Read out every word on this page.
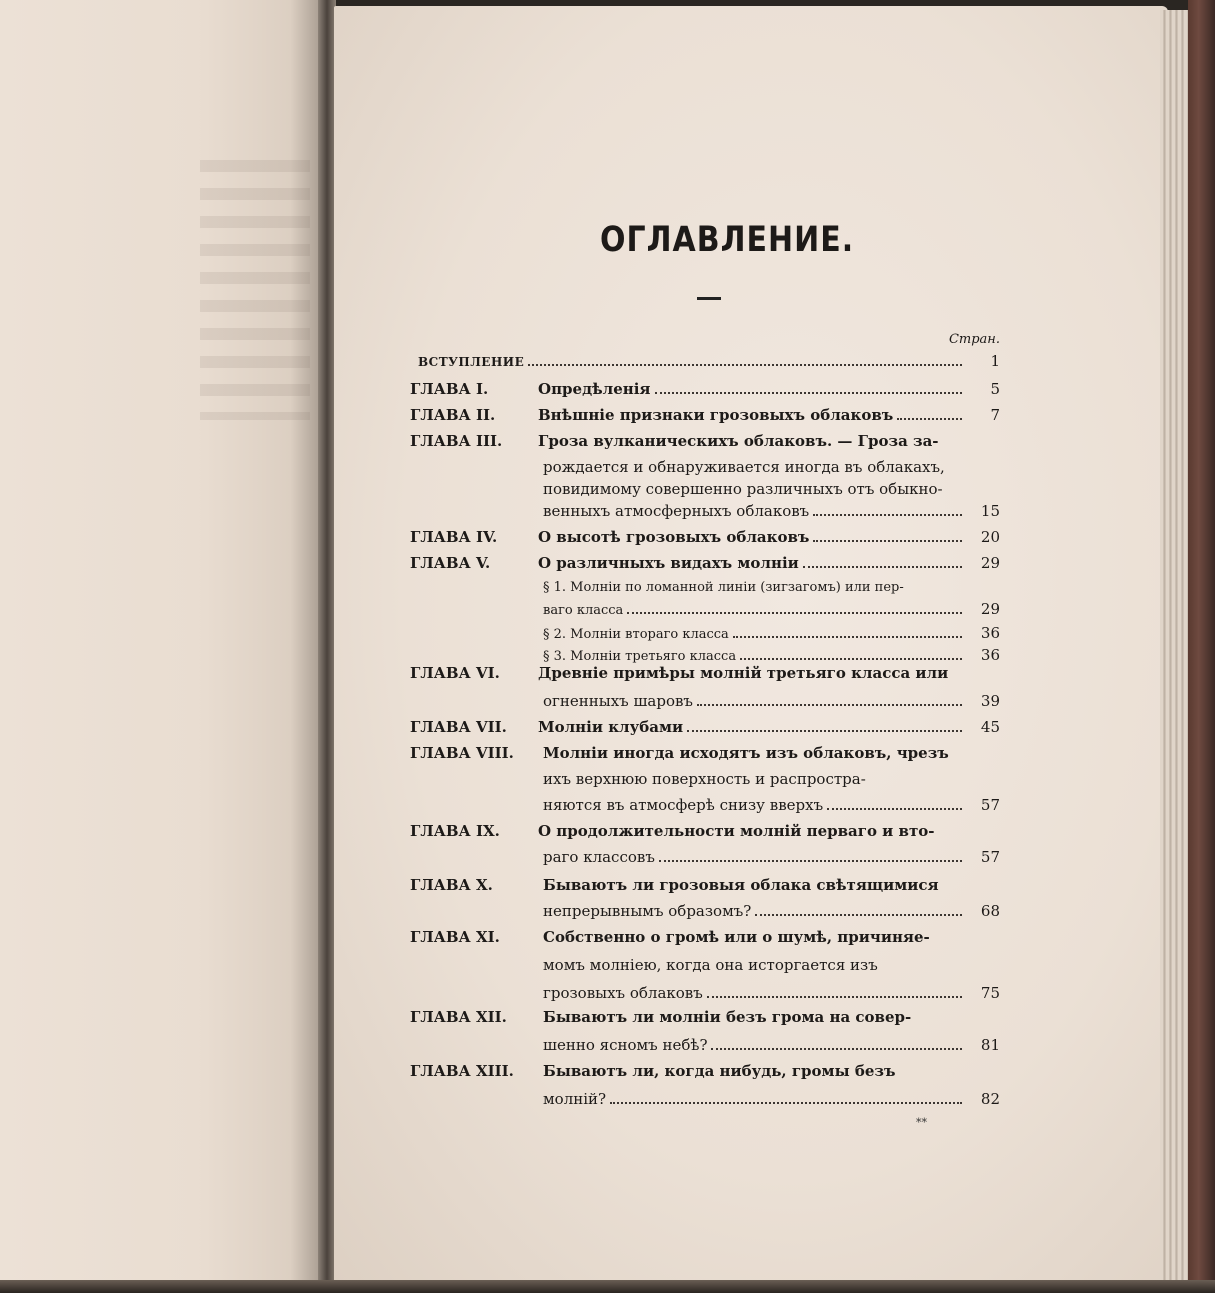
ОГЛАВЛЕНИЕ.
Стран.
ВСТУПЛЕНИЕ	1
ГЛАВА I.	Опредѣленія	5
ГЛАВА II.	Внѣшніе признаки грозовыхъ облаковъ	7
ГЛАВА III.	Гроза вулканическихъ облаковъ. — Гроза за-
рождается и обнаруживается иногда въ облакахъ,
повидимому совершенно различныхъ отъ обыкно-
венныхъ атмосферныхъ облаковъ	15
ГЛАВА IV.	О высотѣ грозовыхъ облаковъ	20
ГЛАВА V.	О различныхъ видахъ молніи	29
§ 1. Молніи по ломанной линіи (зигзагомъ) или пер-
ваго класса	29
§ 2. Молніи втораго класса	36
§ 3. Молніи третьяго класса	36
ГЛАВА VI.	Древніе примѣры молній третьяго класса или
огненныхъ шаровъ	39
ГЛАВА VII.	Молніи клубами	45
ГЛАВА VIII.	Молніи иногда исходятъ изъ облаковъ, чрезъ
ихъ верхнюю поверхность и распростра-
няются въ атмосферѣ снизу вверхъ	57
ГЛАВА IX.	О продолжительности молній перваго и вто-
раго классовъ	57
ГЛАВА X.	Бываютъ ли грозовыя облака свѣтящимися
непрерывнымъ образомъ?	68
ГЛАВА XI.	Собственно о громѣ или о шумѣ, причиняе-
момъ молніею, когда она исторгается изъ
грозовыхъ облаковъ	75
ГЛАВА XII.	Бываютъ ли молніи безъ грома на совер-
шенно ясномъ небѣ?	81
ГЛАВА XIII.	Бываютъ ли, когда нибудь, громы безъ
молній?	82
**
